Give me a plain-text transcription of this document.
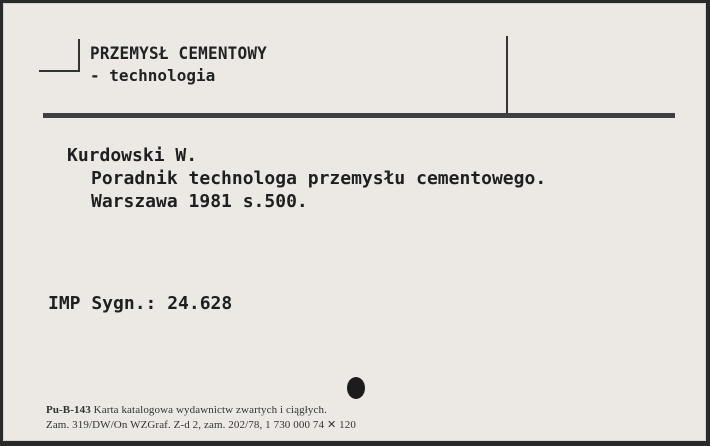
PRZEMYSŁ CEMENTOWY
- technologia
Kurdowski W.
Poradnik technologa przemysłu cementowego.
Warszawa 1981 s.500.
IMP Sygn.: 24.628
Pu-B-143 Karta katalogowa wydawnictw zwartych i ciągłych.
Zam. 319/DW/On WZGraf. Z-d 2, zam. 202/78, 1 730 000 74 ✕ 120
